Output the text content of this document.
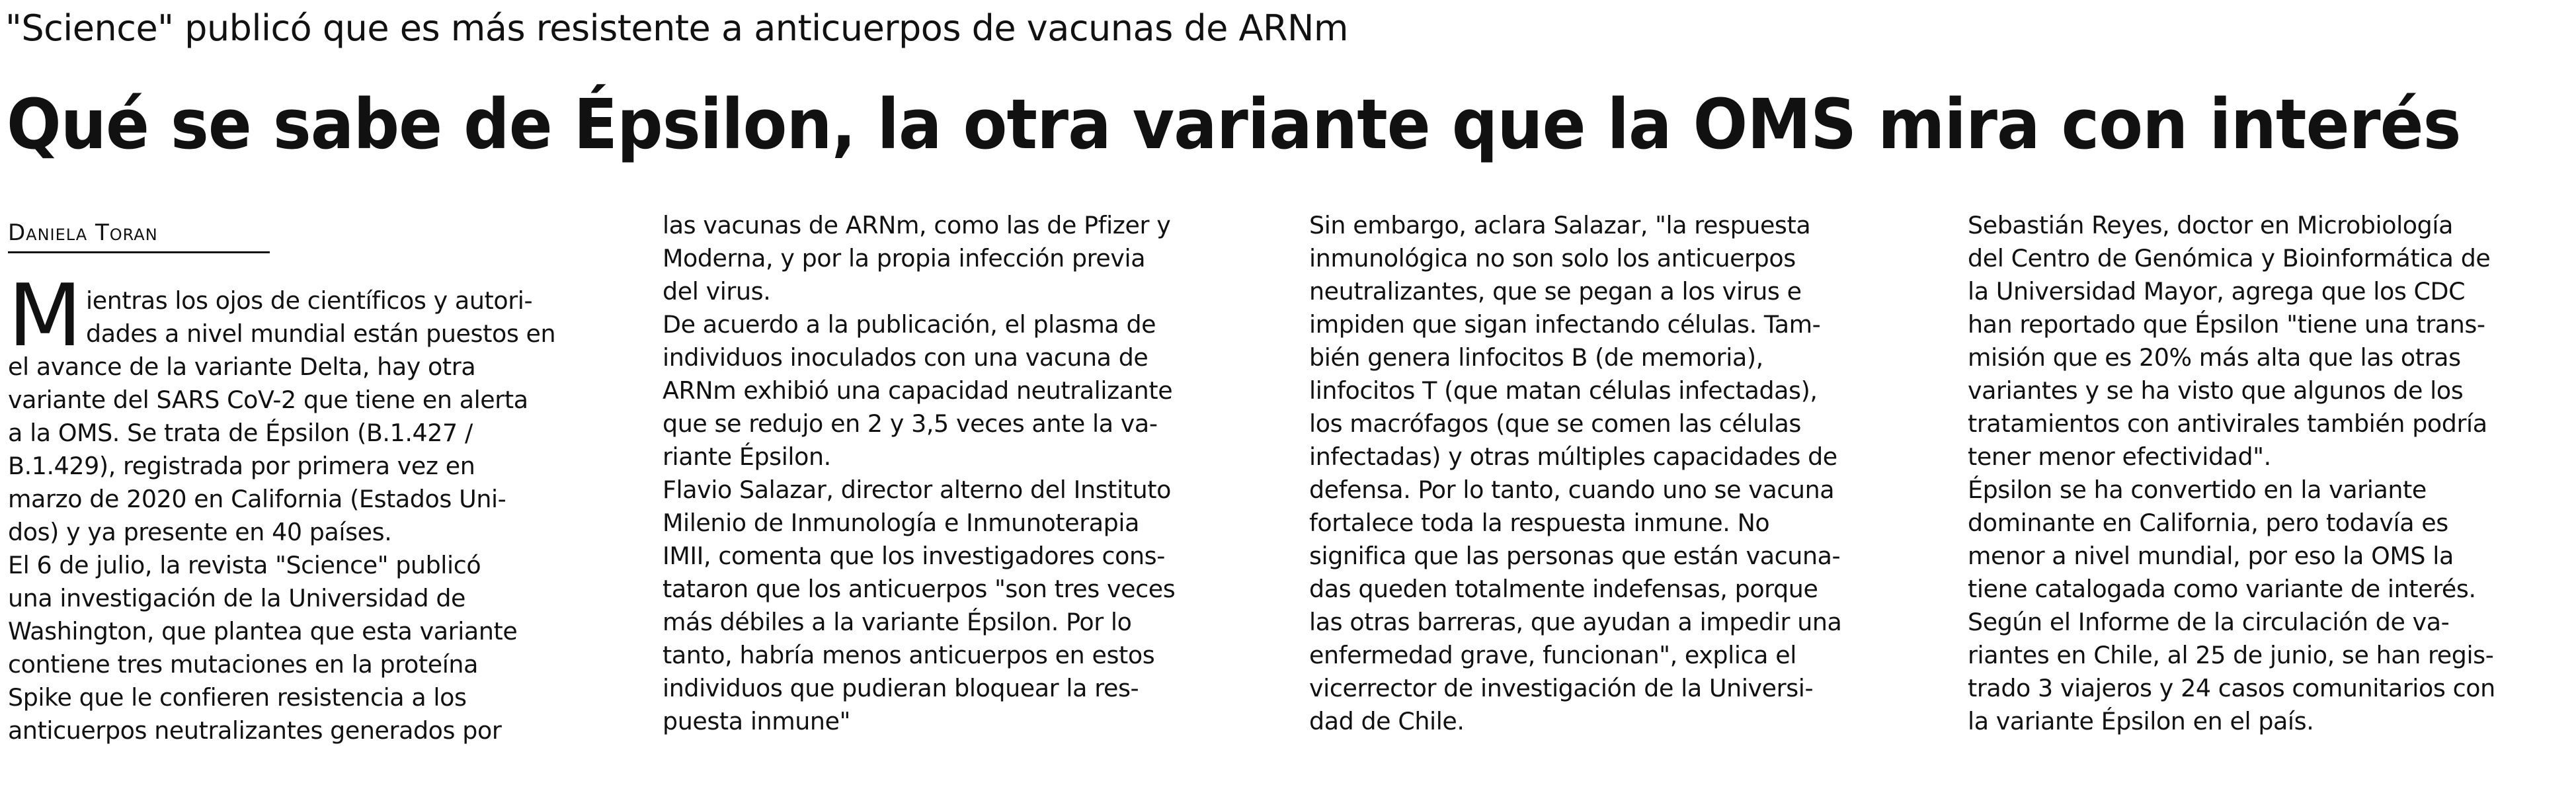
"Science" publicó que es más resistente a anticuerpos de vacunas de ARNm
Qué se sabe de Épsilon, la otra variante que la OMS mira con interés
Daniela Toran
M ientras los ojos de científicos y autori-

dades a nivel mundial están puestos en

el avance de la variante Delta, hay otra

variante del SARS CoV-2 que tiene en alerta

a la OMS. Se trata de Épsilon (B.1.427 /

B.1.429), registrada por primera vez en

marzo de 2020 en California (Estados Uni-

dos) y ya presente en 40 países.

El 6 de julio, la revista "Science" publicó

una investigación de la Universidad de

Washington, que plantea que esta variante

contiene tres mutaciones en la proteína

Spike que le confieren resistencia a los

anticuerpos neutralizantes generados por

las vacunas de ARNm, como las de Pfizer y

Moderna, y por la propia infección previa

del virus.

De acuerdo a la publicación, el plasma de

individuos inoculados con una vacuna de

ARNm exhibió una capacidad neutralizante

que se redujo en 2 y 3,5 veces ante la va-

riante Épsilon.

Flavio Salazar, director alterno del Instituto

Milenio de Inmunología e Inmunoterapia

IMII, comenta que los investigadores cons-

tataron que los anticuerpos "son tres veces

más débiles a la variante Épsilon. Por lo

tanto, habría menos anticuerpos en estos

individuos que pudieran bloquear la res-

puesta inmune"

Sin embargo, aclara Salazar, "la respuesta

inmunológica no son solo los anticuerpos

neutralizantes, que se pegan a los virus e

impiden que sigan infectando células. Tam-

bién genera linfocitos B (de memoria),

linfocitos T (que matan células infectadas),

los macrófagos (que se comen las células

infectadas) y otras múltiples capacidades de

defensa. Por lo tanto, cuando uno se vacuna

fortalece toda la respuesta inmune. No

significa que las personas que están vacuna-

das queden totalmente indefensas, porque

las otras barreras, que ayudan a impedir una

enfermedad grave, funcionan", explica el

vicerrector de investigación de la Universi-

dad de Chile.

Sebastián Reyes, doctor en Microbiología

del Centro de Genómica y Bioinformática de

la Universidad Mayor, agrega que los CDC

han reportado que Épsilon "tiene una trans-

misión que es 20% más alta que las otras

variantes y se ha visto que algunos de los

tratamientos con antivirales también podría

tener menor efectividad".

Épsilon se ha convertido en la variante

dominante en California, pero todavía es

menor a nivel mundial, por eso la OMS la

tiene catalogada como variante de interés.

Según el Informe de la circulación de va-

riantes en Chile, al 25 de junio, se han regis-

trado 3 viajeros y 24 casos comunitarios con

la variante Épsilon en el país.
